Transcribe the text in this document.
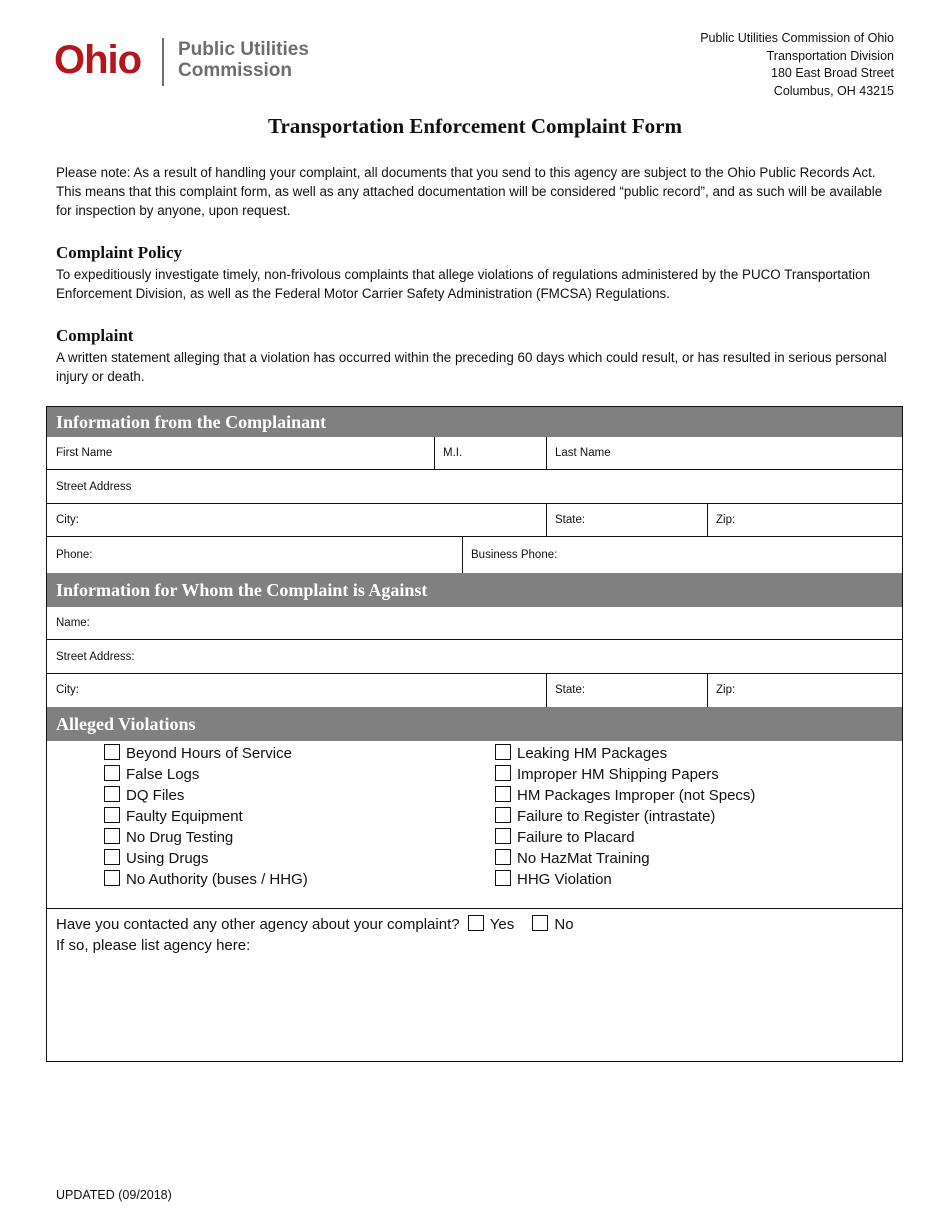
Ohio Public Utilities
Commission
Public Utilities Commission of Ohio
Transportation Division
180 East Broad Street
Columbus, OH 43215
Transportation Enforcement Complaint Form

Please note: As a result of handling your complaint, all documents that you send to this agency are subject to the Ohio Public Records Act. This means that this complaint form, as well as any attached documentation will be considered “public record”, and as such will be available for inspection by anyone, upon request.

Complaint Policy

To expeditiously investigate timely, non-frivolous complaints that allege violations of regulations administered by the PUCO Transportation Enforcement Division, as well as the Federal Motor Carrier Safety Administration (FMCSA) Regulations.

Complaint

A written statement alleging that a violation has occurred within the preceding 60 days which could result, or has resulted in serious personal injury or death.

Information from the Complainant
First Name	M.I.	Last Name
Street Address
City:	State:	Zip:
Phone:	Business Phone:
Information for Whom the Complaint is Against
Name:
Street Address:
City:	State:	Zip:
Alleged Violations
Beyond Hours of Service
False Logs
DQ Files
Faulty Equipment
No Drug Testing
Using Drugs
No Authority (buses / HHG)
Leaking HM Packages
Improper HM Shipping Papers
HM Packages Improper (not Specs)
Failure to Register (intrastate)
Failure to Placard
No HazMat Training
HHG Violation
Have you contacted any other agency about your complaint? Yes	No
If so, please list agency here:
UPDATED (09/2018)
